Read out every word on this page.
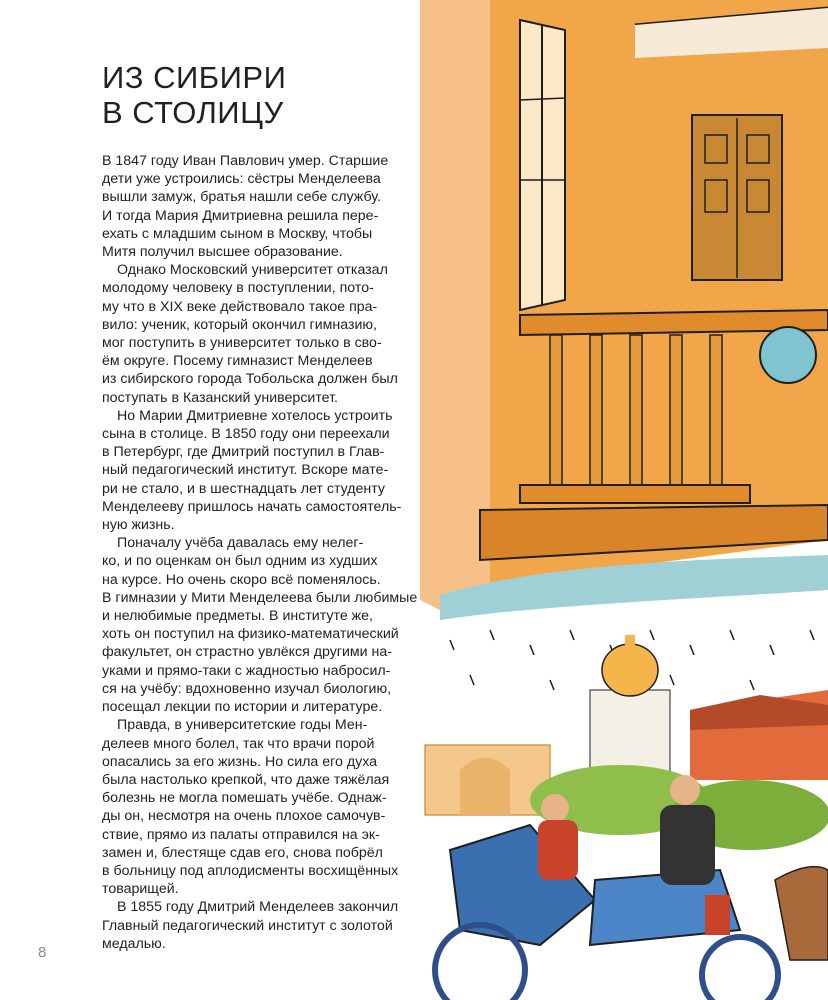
ИЗ СИБИРИ
В СТОЛИЦУ

В 1847 году Иван Павлович умер. Старшие
дети уже устроились: сёстры Менделеева
вышли замуж, братья нашли себе службу.
И тогда Мария Дмитриевна решила пере-
ехать с младшим сыном в Москву, чтобы
Митя получил высшее образование.

Однако Московский университет отказал
молодому человеку в поступлении, пото-
му что в XIX веке действовало такое пра-
вило: ученик, который окончил гимназию,
мог поступить в университет только в сво-
ём округе. Посему гимназист Менделеев
из сибирского города Тобольска должен был
поступать в Казанский университет.

Но Марии Дмитриевне хотелось устроить
сына в столице. В 1850 году они переехали
в Петербург, где Дмитрий поступил в Глав-
ный педагогический институт. Вскоре мате-
ри не стало, и в шестнадцать лет студенту
Менделееву пришлось начать самостоятель-
ную жизнь.

Поначалу учёба давалась ему нелег-
ко, и по оценкам он был одним из худших
на курсе. Но очень скоро всё поменялось.
В гимназии у Мити Менделеева были любимые
и нелюбимые предметы. В институте же,
хоть он поступил на физико-математический
факультет, он страстно увлёкся другими на-
уками и прямо-таки с жадностью набросил-
ся на учёбу: вдохновенно изучал биологию,
посещал лекции по истории и литературе.

Правда, в университетские годы Мен-
делеев много болел, так что врачи порой
опасались за его жизнь. Но сила его духа
была настолько крепкой, что даже тяжёлая
болезнь не могла помешать учёбе. Однаж-
ды он, несмотря на очень плохое самочув-
ствие, прямо из палаты отправился на эк-
замен и, блестяще сдав его, снова побрёл
в больницу под аплодисменты восхищённых
товарищей.

В 1855 году Дмитрий Менделеев закончил
Главный педагогический институт с золотой
медалью.

8
